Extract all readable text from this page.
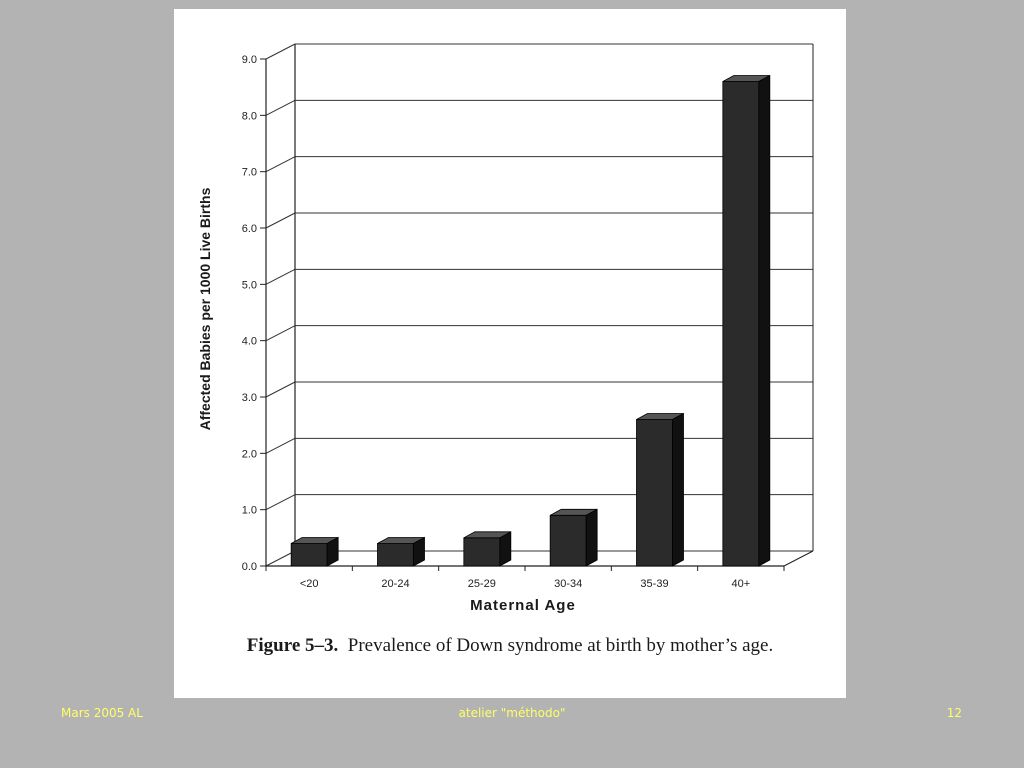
0.0
1.0
2.0
3.0
4.0
5.0
6.0
7.0
8.0
9.0
<20	20-24	25-29	30-34	35-39	40+
Affected Babies per 1000 Live Births
Maternal Age
Figure 5–3. Prevalence of Down syndrome at birth by mother’s age.
Mars 2005 AL	atelier "méthodo"	12
